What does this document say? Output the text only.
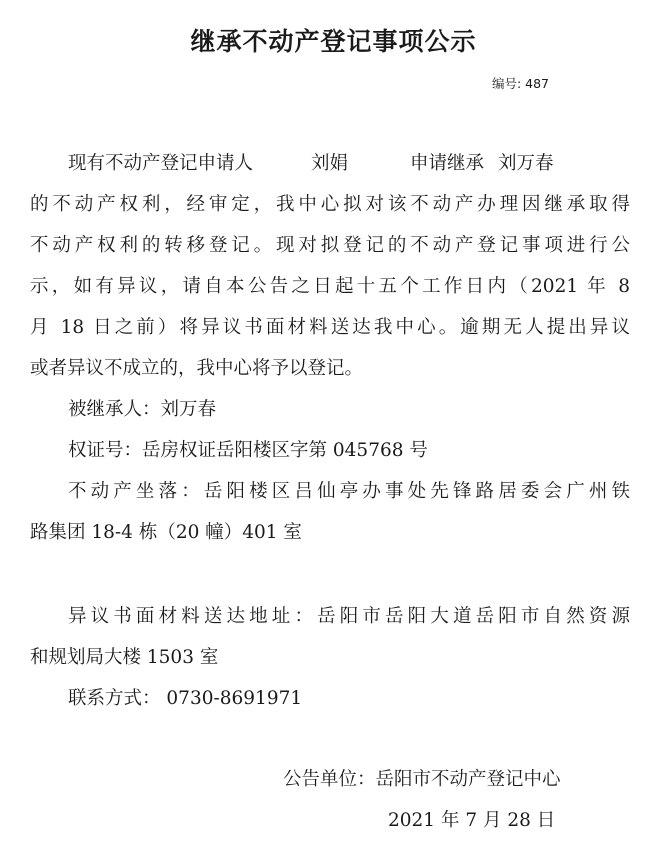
继承不动产登记事项公示
编号: 487
现有不动产登记申请人	刘娟	申请继承 刘万春
的不动产权利，经审定，我中心拟对该不动产办理因继承取得
不动产权利的转移登记。现对拟登记的不动产登记事项进行公
示，如有异议，请自本公告之日起十五个工作日内（2021 年 8
月 18 日之前）将异议书面材料送达我中心。逾期无人提出异议
或者异议不成立的，我中心将予以登记。
被继承人：刘万春
权证号：岳房权证岳阳楼区字第 045768 号
不动产坐落：岳阳楼区吕仙亭办事处先锋路居委会广州铁
路集团 18-4 栋（20 幢）401 室
异议书面材料送达地址：岳阳市岳阳大道岳阳市自然资源
和规划局大楼 1503 室
联系方式： 0730-8691971
公告单位：岳阳市不动产登记中心
2021 年 7 月 28 日
